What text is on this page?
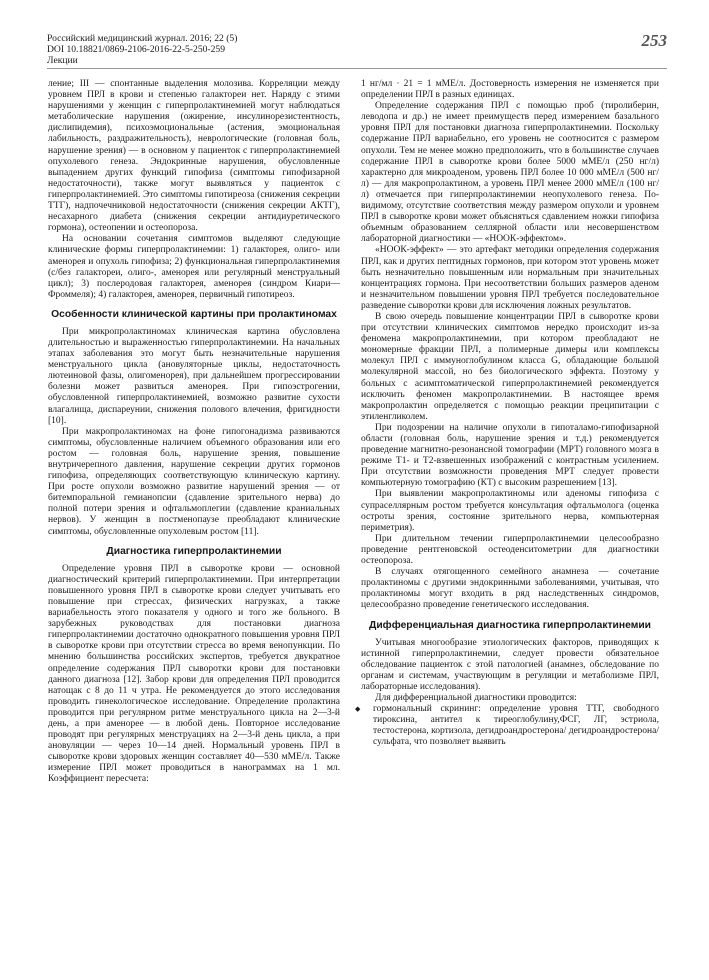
Российский медицинский журнал. 2016; 22 (5)
DOI 10.18821/0869-2106-2016-22-5-250-259
Лекции
253

ление; III — спонтанные выделения молозива. Корреляции между уровнем ПРЛ в крови и степенью галактореи нет. Наряду с этими нарушениями у женщин с гиперпролактинемией могут наблюдаться метаболические нарушения (ожирение, инсулинорезистентность, дислипидемия), психоэмоциональные (астения, эмоциональная лабильность, раздражительность), неврологические (головная боль, нарушение зрения) — в основном у пациенток с гиперпролактинемией опухолевого генеза. Эндокринные нарушения, обусловленные выпадением других функций гипофиза (симптомы гипофизарной недостаточности), также могут выявляться у пациенток с гиперпролактинемией. Это симптомы гипотиреоза (снижения секреции ТТГ), надпочечниковой недостаточности (снижения секреции АКТГ), несахарного диабета (снижения секреции антидиуретического гормона), остеопении и остеопороза.

На основании сочетания симптомов выделяют следующие клинические формы гиперпролактинемии: 1) галакторея, олиго- или аменорея и опухоль гипофиза; 2) функциональная гиперпролактинемия (с/без галактореи, олиго-, аменорея или регулярный менструальный цикл); 3) послеродовая галакторея, аменорея (синдром Киари—Фроммеля); 4) галакторея, аменорея, первичный гипотиреоз.

Особенности клинической картины при пролактиномах

При микропролактиномах клиническая картина обусловлена длительностью и выраженностью гиперпролактинемии. На начальных этапах заболевания это могут быть незначительные нарушения менструального цикла (ановуляторные циклы, недостаточность лютеиновой фазы, олигоменорея), при дальнейшем прогрессировании болезни может развиться аменорея. При гипоэстрогении, обусловленной гиперпролактинемией, возможно развитие сухости влагалища, диспареунии, снижения полового влечения, фригидности [10].

При макропролактиномах на фоне гипогонадизма развиваются симптомы, обусловленные наличием объемного образования или его ростом — головная боль, нарушение зрения, повышение внутричерепного давления, нарушение секреции других гормонов гипофиза, определяющих соответствующую клиническую картину. При росте опухоли возможно развитие нарушений зрения — от битемпоральной гемианопсии (сдавление зрительного нерва) до полной потери зрения и офтальмоплегии (сдавление краниальных нервов). У женщин в постменопаузе преобладают клинические симптомы, обусловленные опухолевым ростом [11].

Диагностика гиперпролактинемии

Определение уровня ПРЛ в сыворотке крови — основной диагностический критерий гиперпролактинемии. При интерпретации повышенного уровня ПРЛ в сыворотке крови следует учитывать его повышение при стрессах, физических нагрузках, а также вариабельность этого показателя у одного и того же больного. В зарубежных руководствах для постановки диагноза гиперпролактинемии достаточно однократного повышения уровня ПРЛ в сыворотке крови при отсутствии стресса во время венопункции. По мнению большинства российских экспертов, требуется двукратное определение содержания ПРЛ сыворотки крови для постановки данного диагноза [12]. Забор крови для определения ПРЛ проводится натощак с 8 до 11 ч утра. Не рекомендуется до этого исследования проводить гинекологическое исследование. Определение пролактина проводится при регулярном ритме менструального цикла на 2—3-й день, а при аменорее — в любой день. Повторное исследование проводят при регулярных менструациях на 2—3-й день цикла, а при ановуляции — через 10—14 дней. Нормальный уровень ПРЛ в сыворотке крови здоровых женщин составляет 40—530 мМЕ/л. Также измерение ПРЛ может проводиться в нанограммах на 1 мл. Коэффициент пересчета:

1 нг/мл · 21 = 1 мМЕ/л. Достоверность измерения не изменяется при определении ПРЛ в разных единицах.

Определение содержания ПРЛ с помощью проб (тиролиберин, леводопа и др.) не имеет преимуществ перед измерением базального уровня ПРЛ для постановки диагноза гиперпролактинемии. Поскольку содержание ПРЛ вариабельно, его уровень не соотносится с размером опухоли. Тем не менее можно предположить, что в большинстве случаев содержание ПРЛ в сыворотке крови более 5000 мМЕ/л (250 нг/л) характерно для микроаденом, уровень ПРЛ более 10 000 мМЕ/л (500 нг/л) — для макропролактином, а уровень ПРЛ менее 2000 мМЕ/л (100 нг/л) отмечается при гиперпролактинемии неопухолевого генеза. По-видимому, отсутствие соответствия между размером опухоли и уровнем ПРЛ в сыворотке крови может объясняться сдавлением ножки гипофиза объемным образованием селлярной области или несовершенством лабораторной диагностики — «НООК-эффектом».

«НООК-эффект» — это артефакт методики определения содержания ПРЛ, как и других пептидных гормонов, при котором этот уровень может быть незначительно повышенным или нормальным при значительных концентрациях гормона. При несоответствии больших размеров аденом и незначительном повышении уровня ПРЛ требуется последовательное разведение сыворотки крови для исключения ложных результатов.

В свою очередь повышение концентрации ПРЛ в сыворотке крови при отсутствии клинических симптомов нередко происходит из-за феномена макропролактинемии, при котором преобладают не мономерные фракции ПРЛ, а полимерные димеры или комплексы молекул ПРЛ с иммуноглобулином класса G, обладающие большой молекулярной массой, но без биологического эффекта. Поэтому у больных с асимптоматической гиперпролактинемией рекомендуется исключить феномен макропролактинемии. В настоящее время макропролактин определяется с помощью реакции преципитации с этиленгликолем.

При подозрении на наличие опухоли в гипоталамо-гипофизарной области (головная боль, нарушение зрения и т.д.) рекомендуется проведение магнитно-резонансной томографии (МРТ) головного мозга в режиме Т1- и Т2-взвешенных изображений с контрастным усилением. При отсутствии возможности проведения МРТ следует провести компьютерную томографию (КТ) с высоким разрешением [13].

При выявлении макропролактиномы или аденомы гипофиза с супраселлярным ростом требуется консультация офтальмолога (оценка остроты зрения, состояние зрительного нерва, компьютерная периметрия).

При длительном течении гиперпролактинемии целесообразно проведение рентгеновской остеоденситометрии для диагностики остеопороза.

В случаях отягощенного семейного анамнеза — сочетание пролактиномы с другими эндокринными заболеваниями, учитывая, что пролактиномы могут входить в ряд наследственных синдромов, целесообразно проведение генетического исследования.

Дифференциальная диагностика гиперпролактинемии

Учитывая многообразие этиологических факторов, приводящих к истинной гиперпролактинемии, следует провести обязательное обследование пациенток с этой патологией (анамнез, обследование по органам и системам, участвующим в регуляции и метаболизме ПРЛ, лабораторные исследования).

Для дифференциальной диагностики проводится:

◆ гормональный скрининг: определение уровня ТТГ, свободного тироксина, антител к тиреоглобулину,ФСГ, ЛГ, эстриола, тестостерона, кортизола, дегидроандростерона/ дегидроандростерона/сульфата, что позволяет выявить
